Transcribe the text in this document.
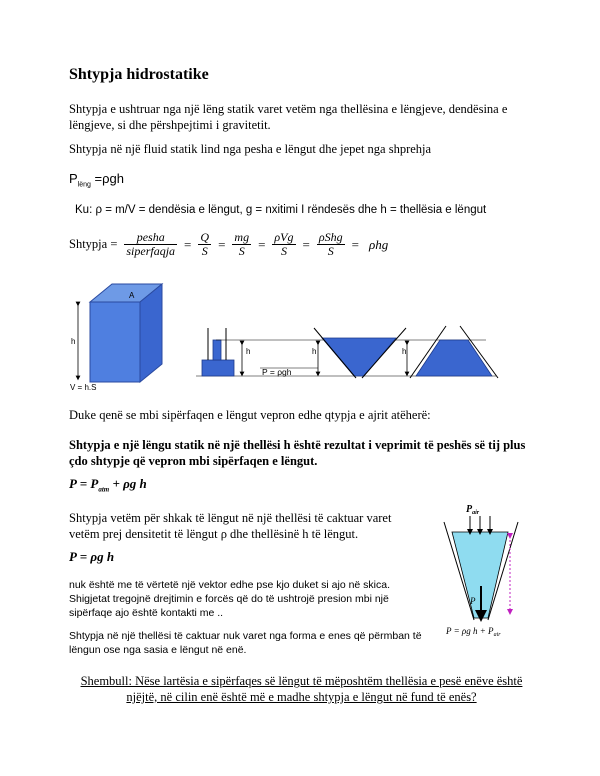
Shtypja hidrostatike
Shtypja e ushtruar nga një lëng statik varet vetëm nga thellësina e lëngjeve, dendësina e lëngjeve, si dhe përshpejtimi i gravitetit.
Shtypja në një fluid statik lind nga pesha e lëngut dhe jepet nga shprehja
$P_{lëng} =\rho gh$
Ku: ρ = m/V = dendësia e lëngut, g = nxitimi I rëndesës dhe h = thellësia e lëngut
Shtypja = $\frac{\text{pesha}}{\text{siperfaqja}} = \frac{Q}{S} = \frac{mg}{S} = \frac{\text{ρVg}}{S} = \frac{\text{ρShg}}{S} = \rho hg$
A
h
V = h.S
h
P = ρgh
h	h
Duke qenë se mbi sipërfaqen e lëngut vepron edhe qtypja e ajrit atëherë:
Shtypja e një lëngu statik në një thellësi h është rezultat i veprimit të peshës së tij plus çdo shtypje që vepron mbi sipërfaqen e lëngut.
$P = P_{atm} + \rho g$ h
Shtypja vetëm për shkak të lëngut në një thellësi të caktuar varet vetëm prej densitetit të lëngut ρ dhe thellësinë h të lëngut.
P = ρg h
nuk është me të vërtetë një vektor edhe pse kjo duket si ajo në skica. Shigjetat tregojnë drejtimin e forcës që do të ushtrojë presion mbi një sipërfaqe ajo është kontakti me ..
Shtypja në një thellësi të caktuar nuk varet nga forma e enes që përmban të lëngun ose nga sasia e lëngut në enë.
$P_{air}$
P
P = ρg $h + P_{air}$
Shembull: Nëse lartësia e sipërfaqes së lëngut të mëposhtëm thellësia e pesë enëve është njëjtë, në cilin enë është më e madhe shtypja e lëngut në fund të enës?
